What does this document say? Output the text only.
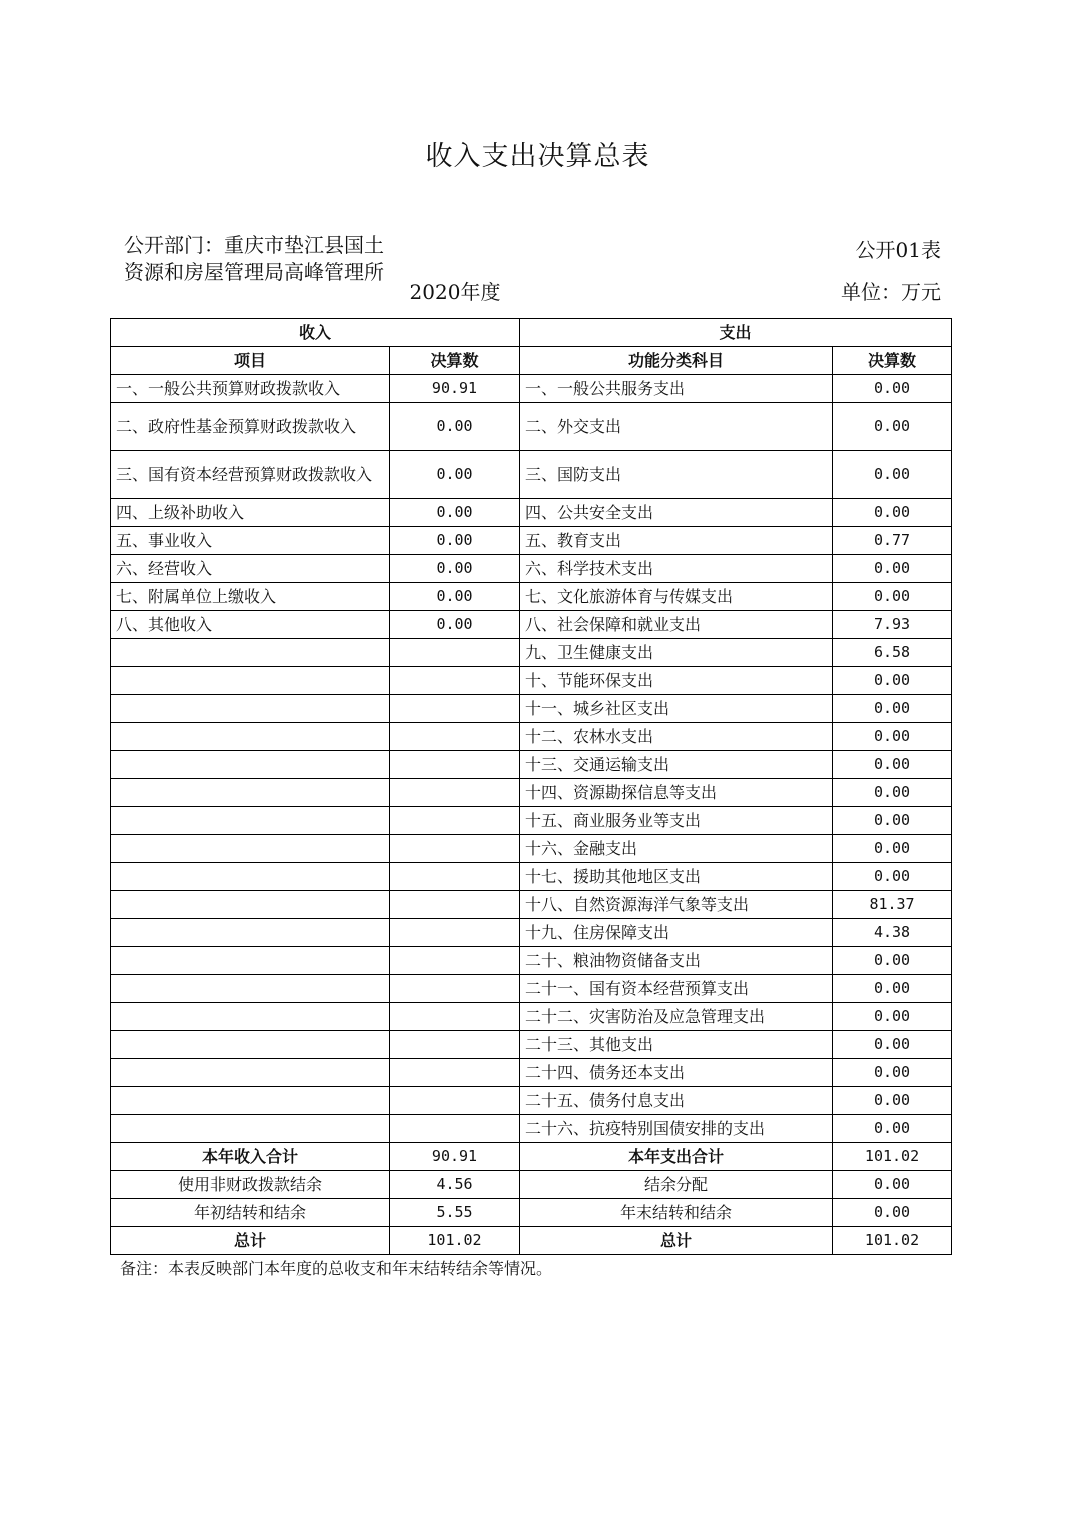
收入支出决算总表
公开部门：重庆市垫江县国土资源和房屋管理局高峰管理所
公开01表
2020年度	单位：万元
收入		支出	
项目	决算数	功能分类科目	决算数
一、一般公共预算财政拨款收入	90.91	一、一般公共服务支出	0.00
二、政府性基金预算财政拨款收入	0.00	二、外交支出	0.00
三、国有资本经营预算财政拨款收入	0.00	三、国防支出	0.00
四、上级补助收入	0.00	四、公共安全支出	0.00
五、事业收入	0.00	五、教育支出	0.77
六、经营收入	0.00	六、科学技术支出	0.00
七、附属单位上缴收入	0.00	七、文化旅游体育与传媒支出	0.00
八、其他收入	0.00	八、社会保障和就业支出	7.93
		九、卫生健康支出	6.58
		十、节能环保支出	0.00
		十一、城乡社区支出	0.00
		十二、农林水支出	0.00
		十三、交通运输支出	0.00
		十四、资源勘探信息等支出	0.00
		十五、商业服务业等支出	0.00
		十六、金融支出	0.00
		十七、援助其他地区支出	0.00
		十八、自然资源海洋气象等支出	81.37
		十九、住房保障支出	4.38
		二十、粮油物资储备支出	0.00
		二十一、国有资本经营预算支出	0.00
		二十二、灾害防治及应急管理支出	0.00
		二十三、其他支出	0.00
		二十四、债务还本支出	0.00
		二十五、债务付息支出	0.00
		二十六、抗疫特别国债安排的支出	0.00
本年收入合计	90.91	本年支出合计	101.02
使用非财政拨款结余	4.56	结余分配	0.00
年初结转和结余	5.55	年末结转和结余	0.00
总计	101.02	总计	101.02
备注：本表反映部门本年度的总收支和年末结转结余等情况。
